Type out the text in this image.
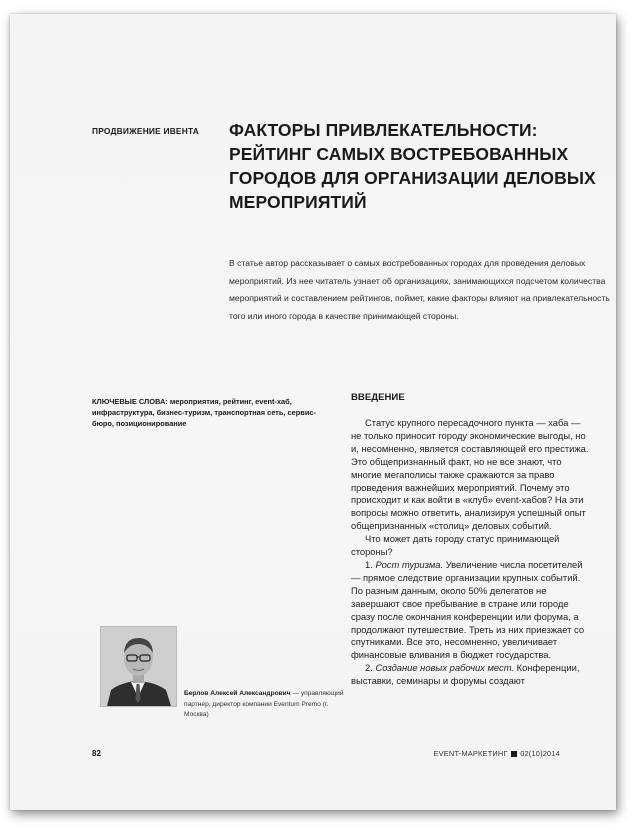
ПРОДВИЖЕНИЕ ИВЕНТА ФАКТОРЫ ПРИВЛЕКАТЕЛЬНОСТИ: РЕЙТИНГ САМЫХ ВОСТРЕБОВАННЫХ ГОРОДОВ ДЛЯ ОРГАНИЗАЦИИ ДЕЛОВЫХ МЕРОПРИЯТИЙ

В статье автор рассказывает о самых востребованных городах для проведения деловых мероприятий. Из нее читатель узнает об организациях, занимающихся подсчетом количества мероприятий и составлением рейтингов, поймет, какие факторы влияют на привлекательность того или иного города в качестве принимающей стороны.

КЛЮЧЕВЫЕ СЛОВА: мероприятия, рейтинг, event-хаб, инфраструктура, бизнес-туризм, транспортная сеть, сервис-бюро, позиционирование

ВВЕДЕНИЕ

Статус крупного пересадочного пункта — хаба — не только приносит городу экономические выгоды, но и, несомненно, является составляющей его престижа. Это общепризнанный факт, но не все знают, что многие мегаполисы также сражаются за право проведения важнейших мероприятий. Почему это происходит и как войти в «клуб» event-хабов? На эти вопросы можно ответить, анализируя успешный опыт общепризнанных «столиц» деловых событий.

Что может дать городу статус принимающей стороны?

1. Рост туризма. Увеличение числа посетителей — прямое следствие организации крупных событий. По разным данным, около 50% делегатов не завершают свое пребывание в стране или городе сразу после окончания конференции или форума, а продолжают путешествие. Треть из них приезжает со спутниками. Все это, несомненно, увеличивает финансовые вливания в бюджет государства.

2. Создание новых рабочих мест. Конференции, выставки, семинары и форумы создают

Берлов Алексей Александрович — управляющий партнер, директор компании Eventum Premo (г. Москва)

82	EVENT-МАРКЕТИНГ 02(10)2014
